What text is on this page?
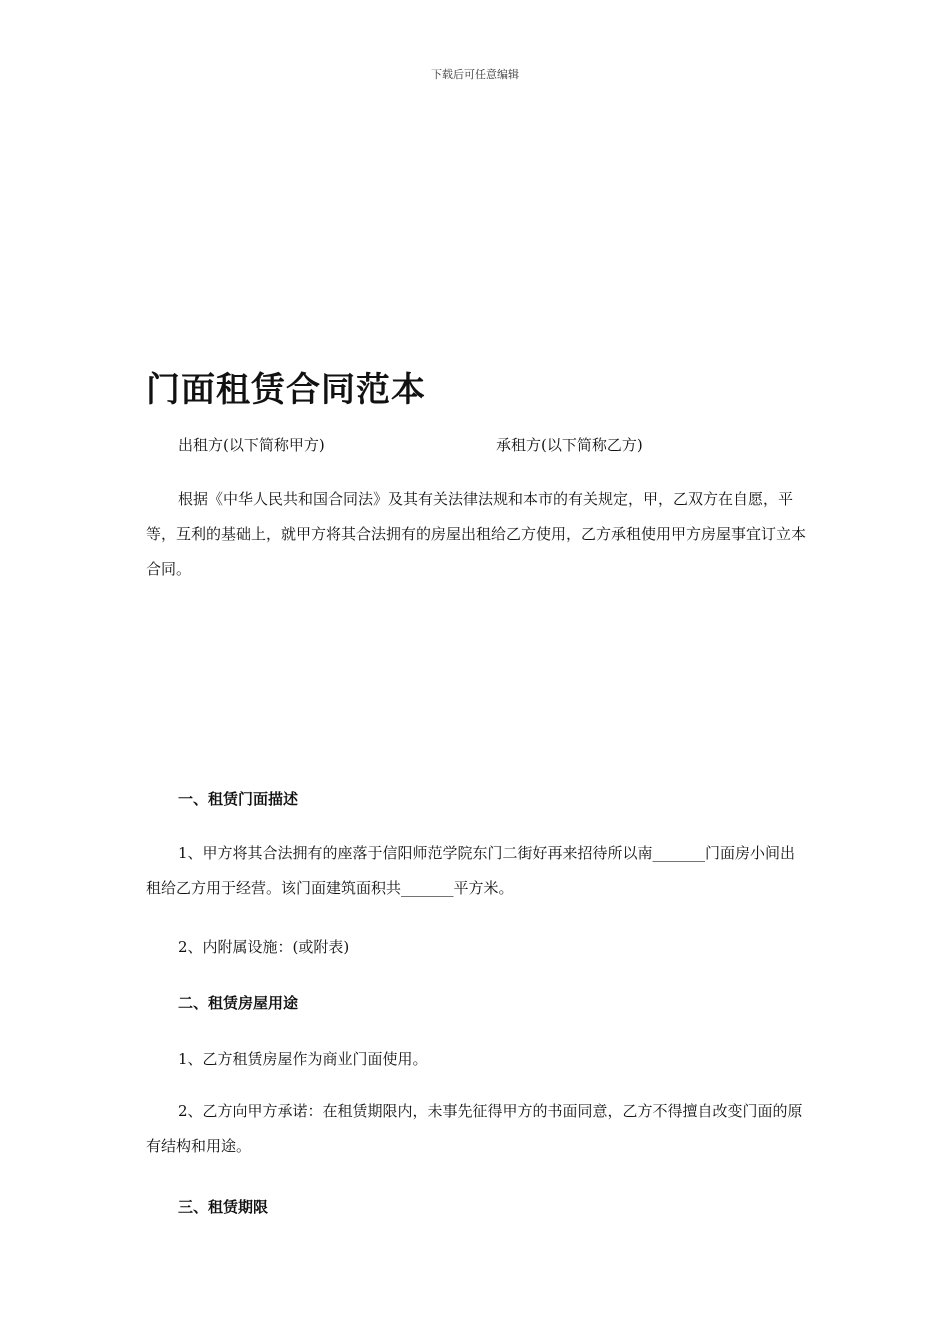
下载后可任意编辑
门面租赁合同范本
出租方(以下简称甲方)	承租方(以下简称乙方)

根据《中华人民共和国合同法》及其有关法律法规和本市的有关规定，甲，乙双方在自愿，平等，互利的基础上，就甲方将其合法拥有的房屋出租给乙方使用，乙方承租使用甲方房屋事宜订立本合同。

一、租赁门面描述

1、甲方将其合法拥有的座落于信阳师范学院东门二街好再来招待所以南_______门面房小间出租给乙方用于经营。该门面建筑面积共_______平方米。

2、内附属设施：(或附表)

二、租赁房屋用途

1、乙方租赁房屋作为商业门面使用。

2、乙方向甲方承诺：在租赁期限内，未事先征得甲方的书面同意，乙方不得擅自改变门面的原有结构和用途。

三、租赁期限
